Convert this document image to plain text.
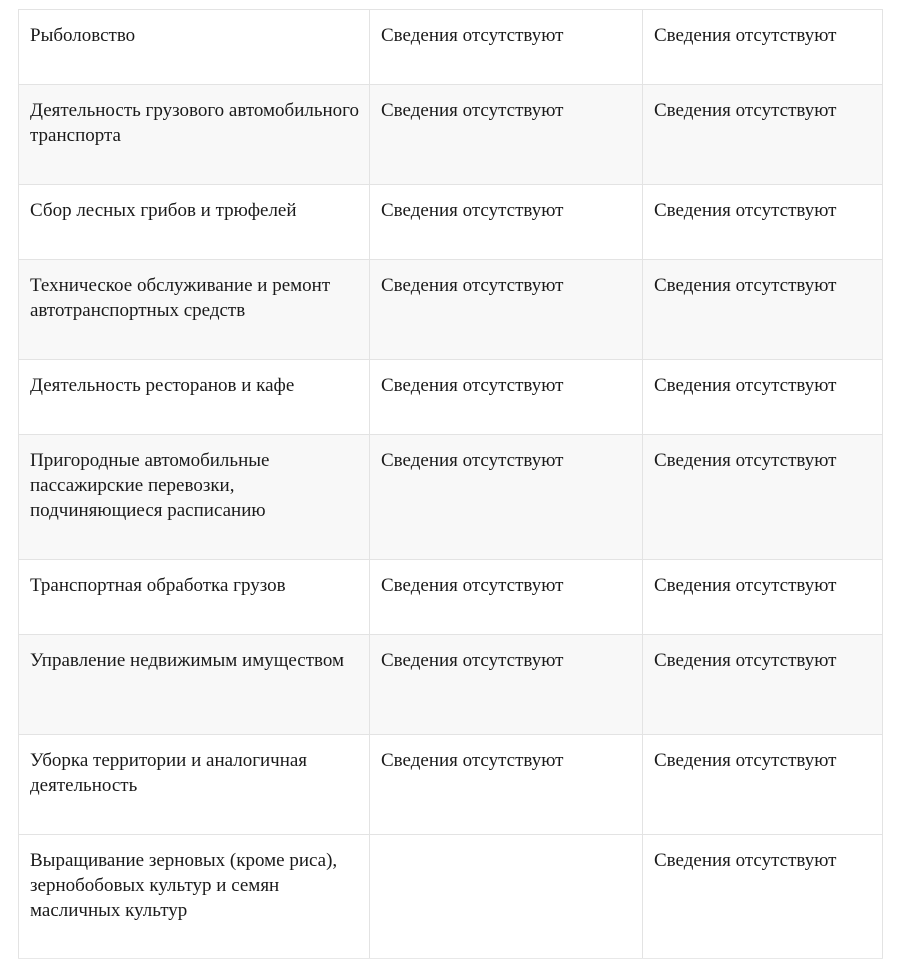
Рыболовство	Сведения отсутствуют	Сведения отсутствуют
Деятельность грузового автомобильного транспорта	Сведения отсутствуют	Сведения отсутствуют
Сбор лесных грибов и трюфелей	Сведения отсутствуют	Сведения отсутствуют
Техническое обслуживание и ремонт автотранспортных средств	Сведения отсутствуют	Сведения отсутствуют
Деятельность ресторанов и кафе	Сведения отсутствуют	Сведения отсутствуют
Пригородные автомобильные пассажирские перевозки, подчиняющиеся расписанию	Сведения отсутствуют	Сведения отсутствуют
Транспортная обработка грузов	Сведения отсутствуют	Сведения отсутствуют
Управление недвижимым имуществом	Сведения отсутствуют	Сведения отсутствуют
Уборка территории и аналогичная деятельность	Сведения отсутствуют	Сведения отсутствуют
Выращивание зерновых (кроме риса), зернобобовых культур и семян масличных культур		Сведения отсутствуют
